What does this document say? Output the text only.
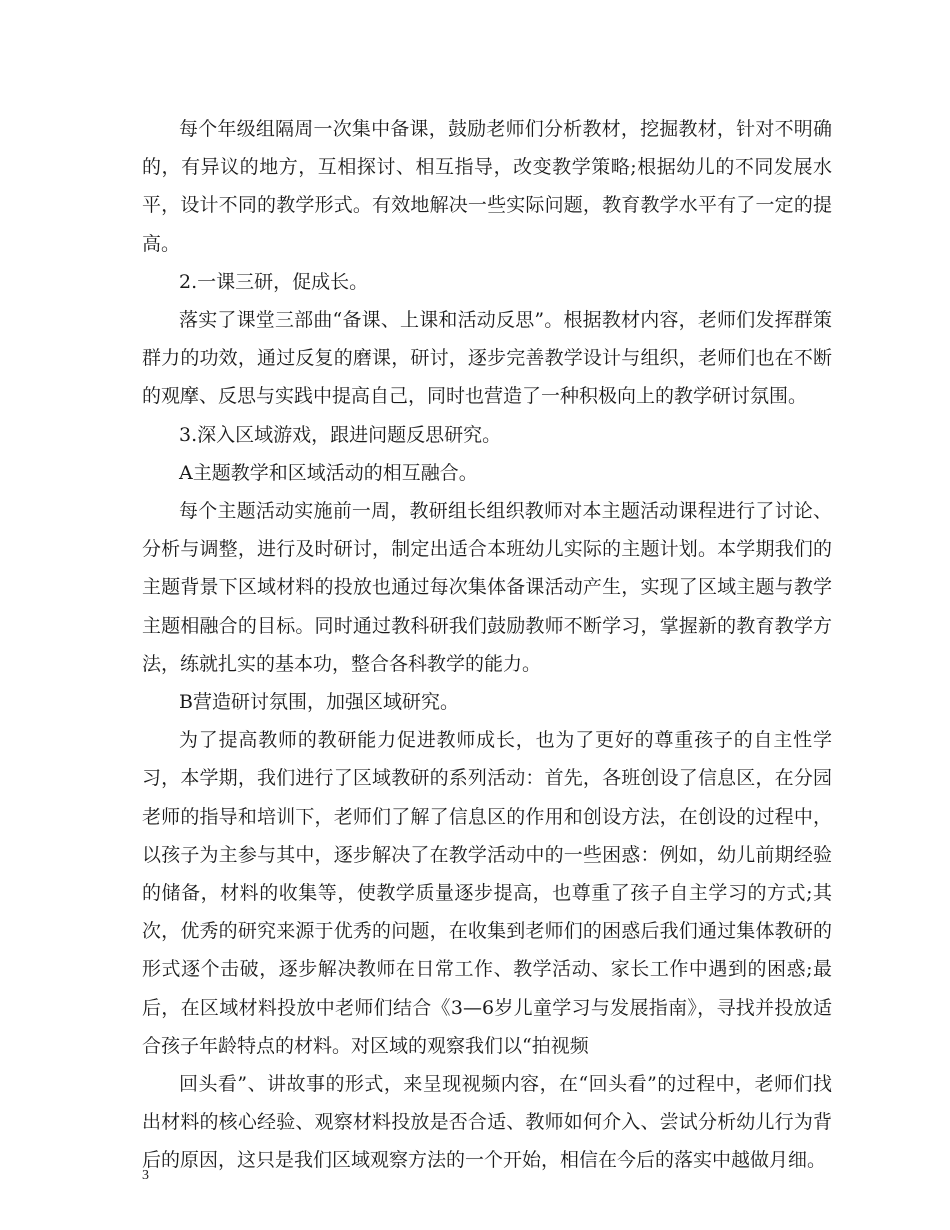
每个年级组隔周一次集中备课，鼓励老师们分析教材，挖掘教材，针对不明确的，有异议的地方，互相探讨、相互指导，改变教学策略;根据幼儿的不同发展水平，设计不同的教学形式。有效地解决一些实际问题，教育教学水平有了一定的提高。

2.一课三研，促成长。

落实了课堂三部曲“备课、上课和活动反思”。根据教材内容，老师们发挥群策群力的功效，通过反复的磨课，研讨，逐步完善教学设计与组织，老师们也在不断的观摩、反思与实践中提高自己，同时也营造了一种积极向上的教学研讨氛围。

3.深入区域游戏，跟进问题反思研究。

A主题教学和区域活动的相互融合。

每个主题活动实施前一周，教研组长组织教师对本主题活动课程进行了讨论、分析与调整，进行及时研讨，制定出适合本班幼儿实际的主题计划。本学期我们的主题背景下区域材料的投放也通过每次集体备课活动产生，实现了区域主题与教学主题相融合的目标。同时通过教科研我们鼓励教师不断学习，掌握新的教育教学方法，练就扎实的基本功，整合各科教学的能力。

B营造研讨氛围，加强区域研究。

为了提高教师的教研能力促进教师成长，也为了更好的尊重孩子的自主性学习，本学期，我们进行了区域教研的系列活动：首先，各班创设了信息区，在分园老师的指导和培训下，老师们了解了信息区的作用和创设方法，在创设的过程中，以孩子为主参与其中，逐步解决了在教学活动中的一些困惑：例如，幼儿前期经验的储备，材料的收集等，使教学质量逐步提高，也尊重了孩子自主学习的方式;其次，优秀的研究来源于优秀的问题，在收集到老师们的困惑后我们通过集体教研的形式逐个击破，逐步解决教师在日常工作、教学活动、家长工作中遇到的困惑;最后，在区域材料投放中老师们结合《3—6岁儿童学习与发展指南》，寻找并投放适合孩子年龄特点的材料。对区域的观察我们以“拍视频

回头看”、讲故事的形式，来呈现视频内容，在“回头看”的过程中，老师们找出材料的核心经验、观察材料投放是否合适、教师如何介入、尝试分析幼儿行为背后的原因，这只是我们区域观察方法的一个开始，相信在今后的落实中越做月细。

3
